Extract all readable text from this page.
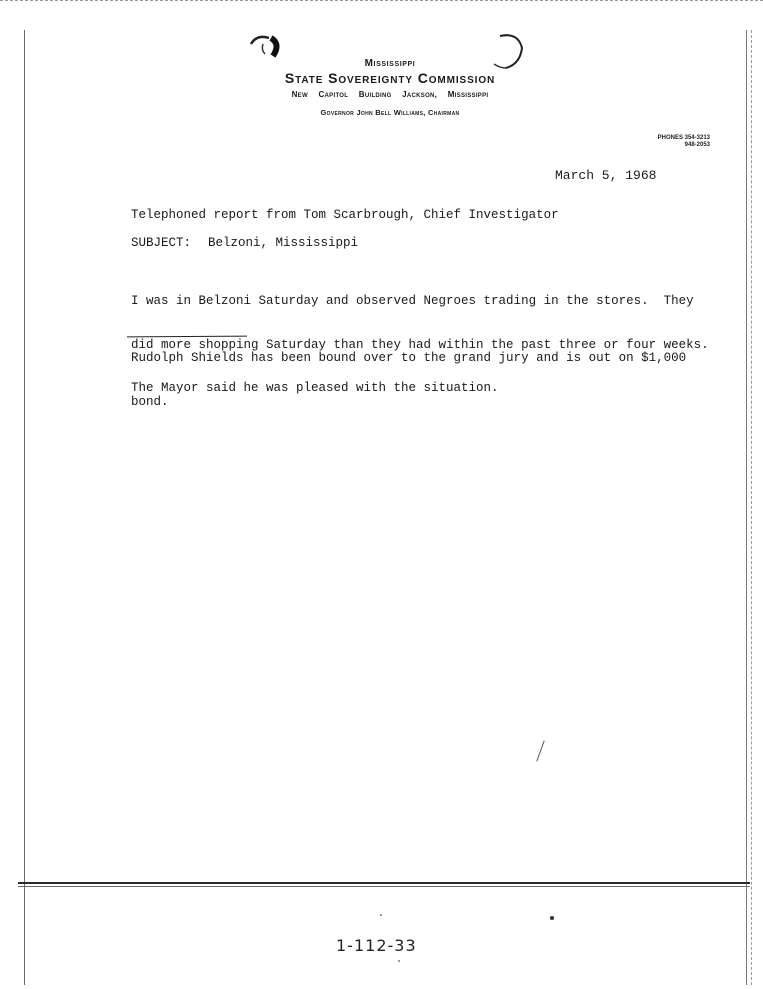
Mississippi
State Sovereignty Commission
New Capitol Building Jackson, Mississippi
Governor John Bell Williams, Chairman
PHONES 354-3213
948-2053
March 5, 1968
Telephoned report from Tom Scarbrough, Chief Investigator
SUBJECT: Belzoni, Mississippi

I was in Belzoni Saturday and observed Negroes trading in the stores.  They

did more shopping Saturday than they had within the past three or four weeks.

The Mayor said he was pleased with the situation.

Rudolph Shields has been bound over to the grand jury and is out on $1,000

bond.

1-112-33
